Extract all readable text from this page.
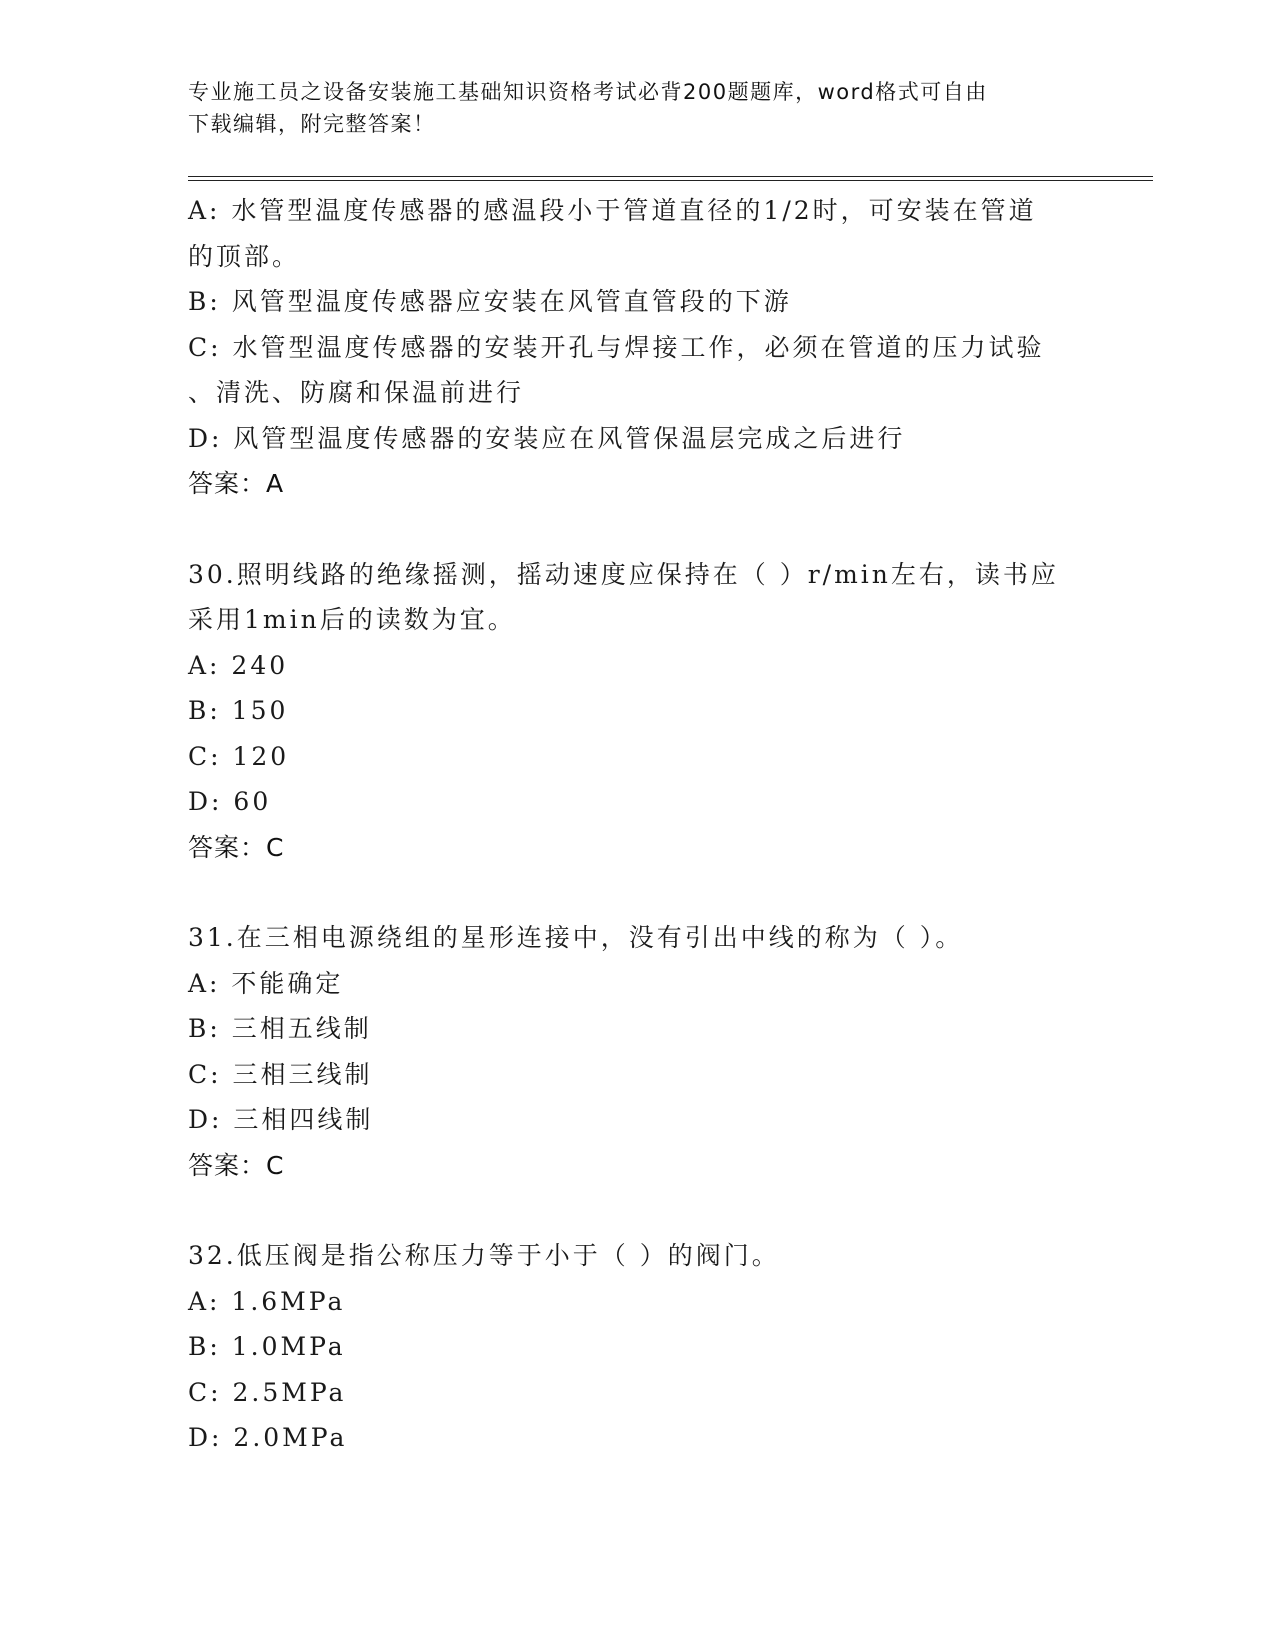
专业施工员之设备安装施工基础知识资格考试必背200题题库，word格式可自由
下载编辑，附完整答案！
A: 水管型温度传感器的感温段小于管道直径的1/2时，可安装在管道
的顶部。
B: 风管型温度传感器应安装在风管直管段的下游
C: 水管型温度传感器的安装开孔与焊接工作，必须在管道的压力试验
、清洗、防腐和保温前进行
D: 风管型温度传感器的安装应在风管保温层完成之后进行
答案：A
30.照明线路的绝缘摇测，摇动速度应保持在（ ）r/min左右，读书应
采用1min后的读数为宜。
A: 240
B: 150
C: 120
D: 60
答案：C
31.在三相电源绕组的星形连接中，没有引出中线的称为（ ）。
A: 不能确定
B: 三相五线制
C: 三相三线制
D: 三相四线制
答案：C
32.低压阀是指公称压力等于小于（ ）的阀门。
A: 1.6MPa
B: 1.0MPa
C: 2.5MPa
D: 2.0MPa
